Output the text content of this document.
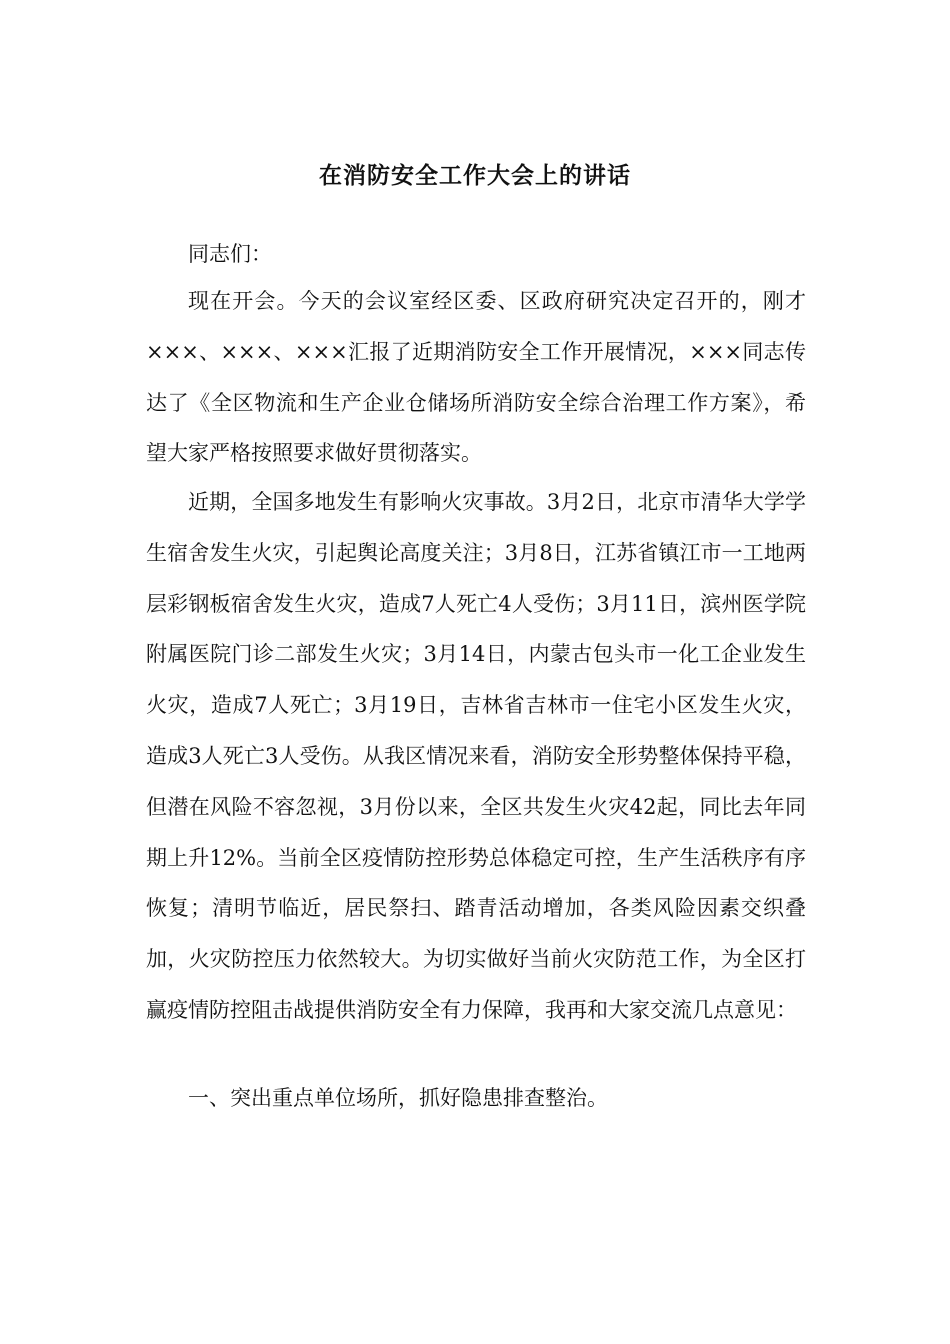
在消防安全工作大会上的讲话

同志们：

现在开会。今天的会议室经区委、区政府研究决定召开的，刚才×××、×××、×××汇报了近期消防安全工作开展情况，×××同志传达了《全区物流和生产企业仓储场所消防安全综合治理工作方案》，希望大家严格按照要求做好贯彻落实。

近期，全国多地发生有影响火灾事故。3月2日，北京市清华大学学生宿舍发生火灾，引起舆论高度关注；3月8日，江苏省镇江市一工地两层彩钢板宿舍发生火灾，造成7人死亡4人受伤；3月11日，滨州医学院附属医院门诊二部发生火灾；3月14日，内蒙古包头市一化工企业发生火灾，造成7人死亡；3月19日，吉林省吉林市一住宅小区发生火灾，造成3人死亡3人受伤。从我区情况来看，消防安全形势整体保持平稳，但潜在风险不容忽视，3月份以来，全区共发生火灾42起，同比去年同期上升12%。当前全区疫情防控形势总体稳定可控，生产生活秩序有序恢复；清明节临近，居民祭扫、踏青活动增加，各类风险因素交织叠加，火灾防控压力依然较大。为切实做好当前火灾防范工作，为全区打赢疫情防控阻击战提供消防安全有力保障，我再和大家交流几点意见：

一、突出重点单位场所，抓好隐患排查整治。
